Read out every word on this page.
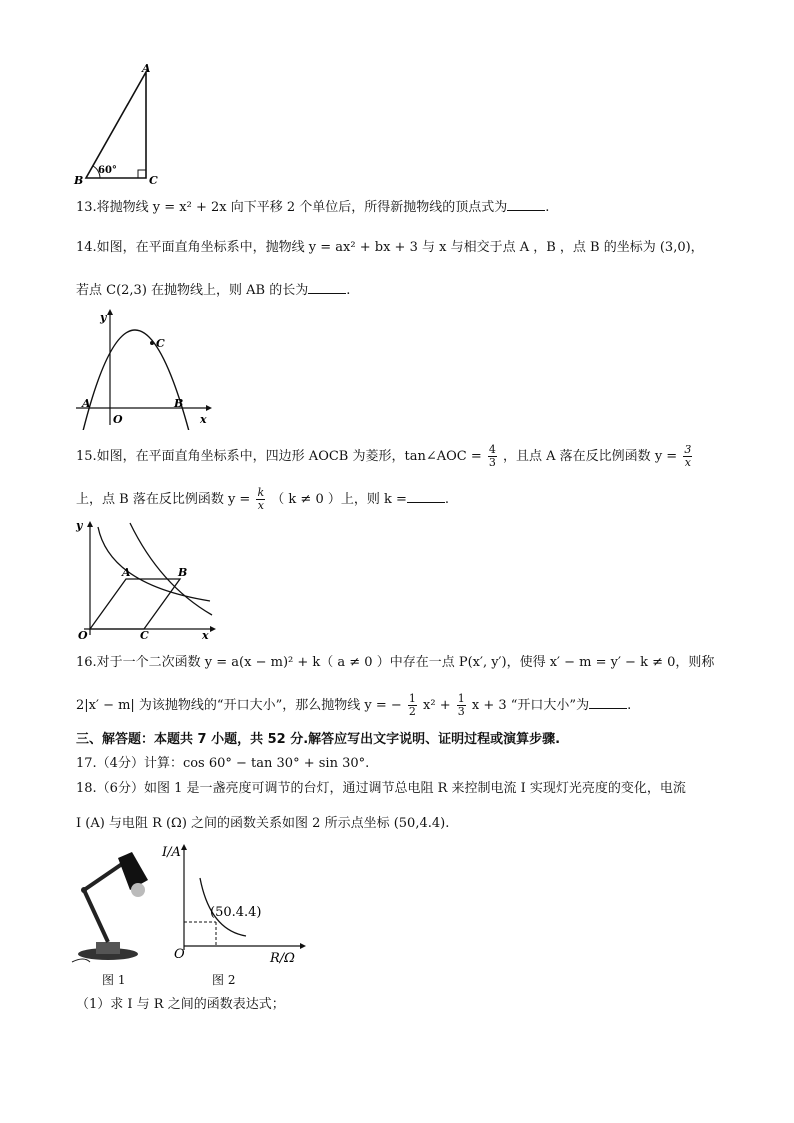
A
B	C
60°
13.将抛物线 y = x² + 2x 向下平移 2 个单位后，所得新抛物线的顶点式为	.
14.如图，在平面直角坐标系中，抛物线 y = ax² + bx + 3 与 x 与相交于点 A ，B ，点 B 的坐标为 (3,0)，
若点 C(2,3) 在抛物线上，则 AB 的长为	.
y
x
O
A	B
C
15.如图，在平面直角坐标系中，四边形 AOCB 为菱形，tan∠AOC = $\frac{4}{3}$ ，且点 A 落在反比例函数 $y = \frac{3}{x}$
上，点 B 落在反比例函数 $y = \frac{k}{x}$ （ k ≠ 0 ）上，则 k =	.
y
x
O
A	B
C
16.对于一个二次函数 y = a(x − m)² + k（ a ≠ 0 ）中存在一点 P(x′, y′)，使得 x′ − m = y′ − k ≠ 0，则称
2|x′ − m| 为该抛物线的“开口大小”，那么抛物线 y = − $\frac{1}{2} x^2 + \frac{1}{3}$ x + 3 “开口大小”为	.
三、解答题：本题共 7 小题，共 52 分.解答应写出文字说明、证明过程或演算步骤.
17.（4分）计算：cos 60° − tan 30° + sin 30°.
18.（6分）如图 1 是一盏亮度可调节的台灯，通过调节总电阻 R 来控制电流 I 实现灯光亮度的变化，电流
I (A) 与电阻 R (Ω) 之间的函数关系如图 2 所示点坐标 (50,4.4).
图 1
I/A
R/Ω
O
(50.4.4)
图 2
（1）求 I 与 R 之间的函数表达式；
